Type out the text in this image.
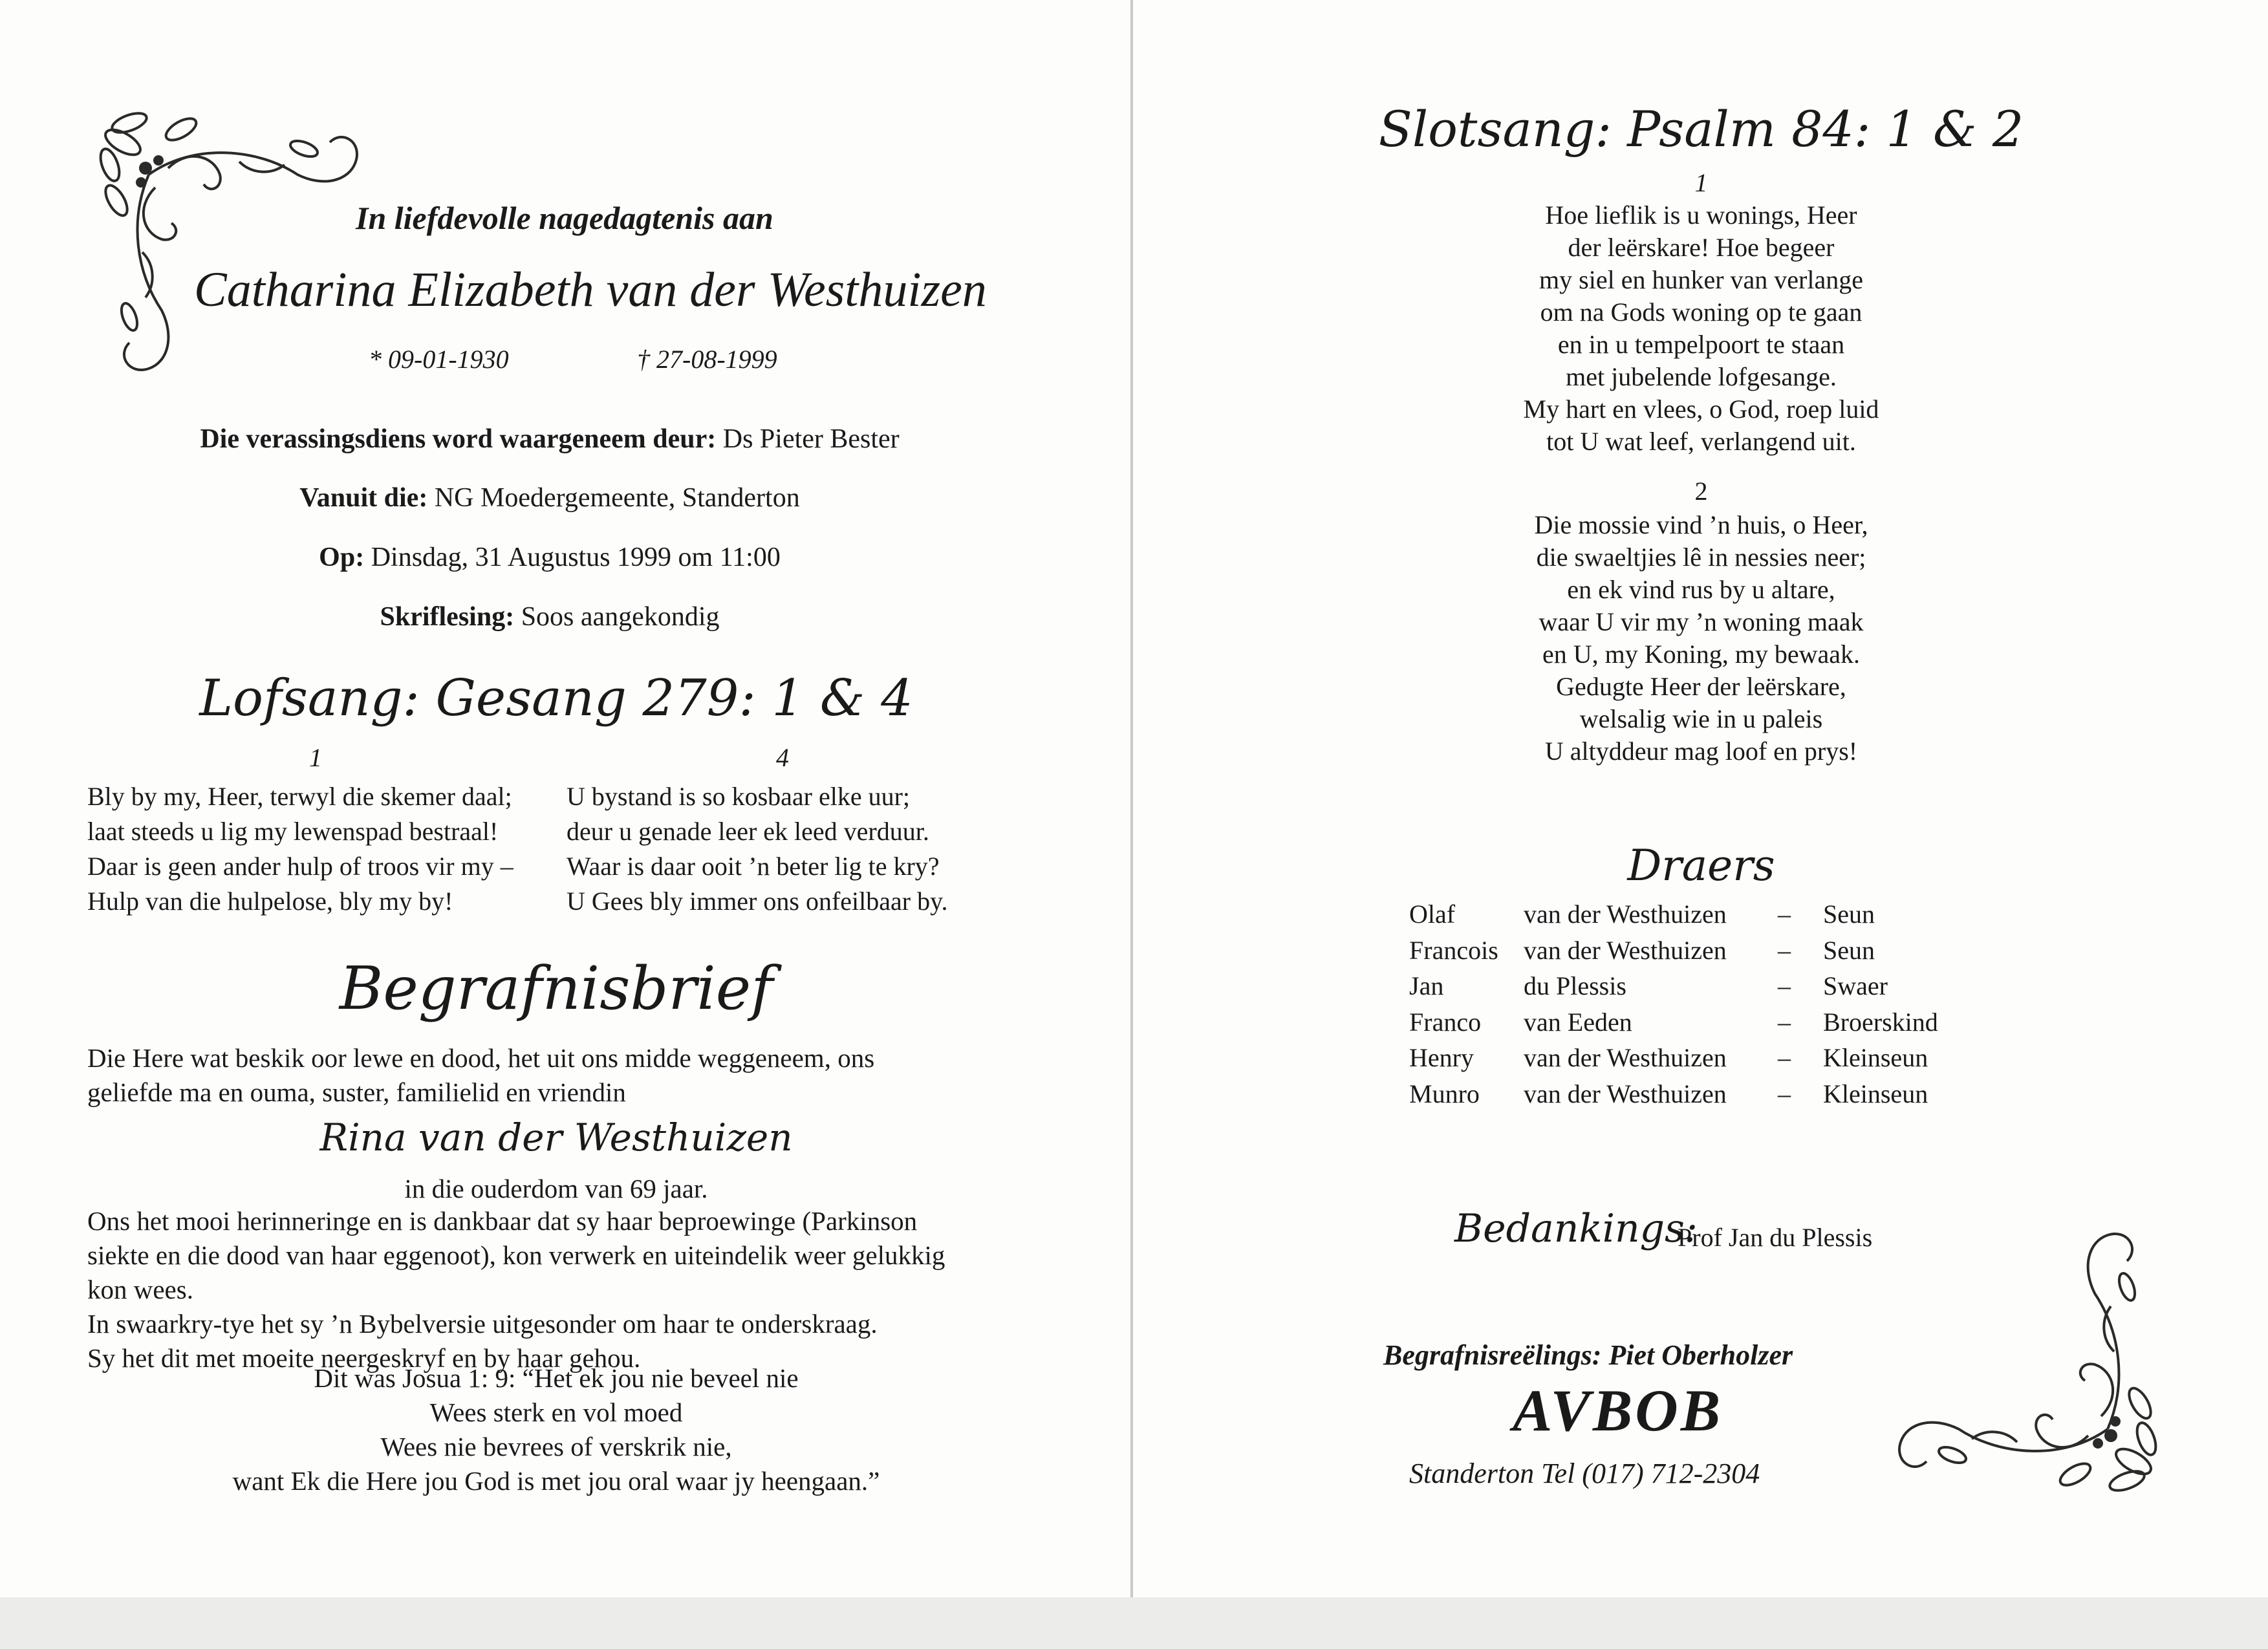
In liefdevolle nagedagtenis aan
Catharina Elizabeth van der Westhuizen
* 09-01-1930	† 27-08-1999
Die verassingsdiens word waargeneem deur: Ds Pieter Bester
Vanuit die: NG Moedergemeente, Standerton
Op: Dinsdag, 31 Augustus 1999 om 11:00
Skriflesing: Soos aangekondig
Lofsang: Gesang 279: 1 & 4
1
Bly by my, Heer, terwyl die skemer daal;
laat steeds u lig my lewenspad bestraal!
Daar is geen ander hulp of troos vir my –
Hulp van die hulpelose, bly my by!
4
U bystand is so kosbaar elke uur;
deur u genade leer ek leed verduur.
Waar is daar ooit ’n beter lig te kry?
U Gees bly immer ons onfeilbaar by.
Begrafnisbrief
Die Here wat beskik oor lewe en dood, het uit ons midde weggeneem, ons
geliefde ma en ouma, suster, familielid en vriendin
Rina van der Westhuizen
in die ouderdom van 69 jaar.
Ons het mooi herinneringe en is dankbaar dat sy haar beproewinge (Parkinson
siekte en die dood van haar eggenoot), kon verwerk en uiteindelik weer gelukkig
kon wees.
In swaarkry-tye het sy ’n Bybelversie uitgesonder om haar te onderskraag.
Sy het dit met moeite neergeskryf en by haar gehou.
Dit was Josua 1: 9: “Het ek jou nie beveel nie
Wees sterk en vol moed
Wees nie bevrees of verskrik nie,
want Ek die Here jou God is met jou oral waar jy heengaan.”
Slotsang: Psalm 84: 1 & 2
1
Hoe lieflik is u wonings, Heer
der leërskare! Hoe begeer
my siel en hunker van verlange
om na Gods woning op te gaan
en in u tempelpoort te staan
met jubelende lofgesange.
My hart en vlees, o God, roep luid
tot U wat leef, verlangend uit.
2
Die mossie vind ’n huis, o Heer,
die swaeltjies lê in nessies neer;
en ek vind rus by u altare,
waar U vir my ’n woning maak
en U, my Koning, my bewaak.
Gedugte Heer der leërskare,
welsalig wie in u paleis
U altyddeur mag loof en prys!
Draers
Olaf	van der Westhuizen – Seun
Francois van der Westhuizen – Seun
Jan	du Plessis	– Swaer
Franco van Eeden	– Broerskind
Henry van der Westhuizen – Kleinseun
Munro van der Westhuizen – Kleinseun
Bedankings:
Prof Jan du Plessis
Begrafnisreëlings: Piet Oberholzer
AVBOB
Standerton Tel (017) 712-2304
